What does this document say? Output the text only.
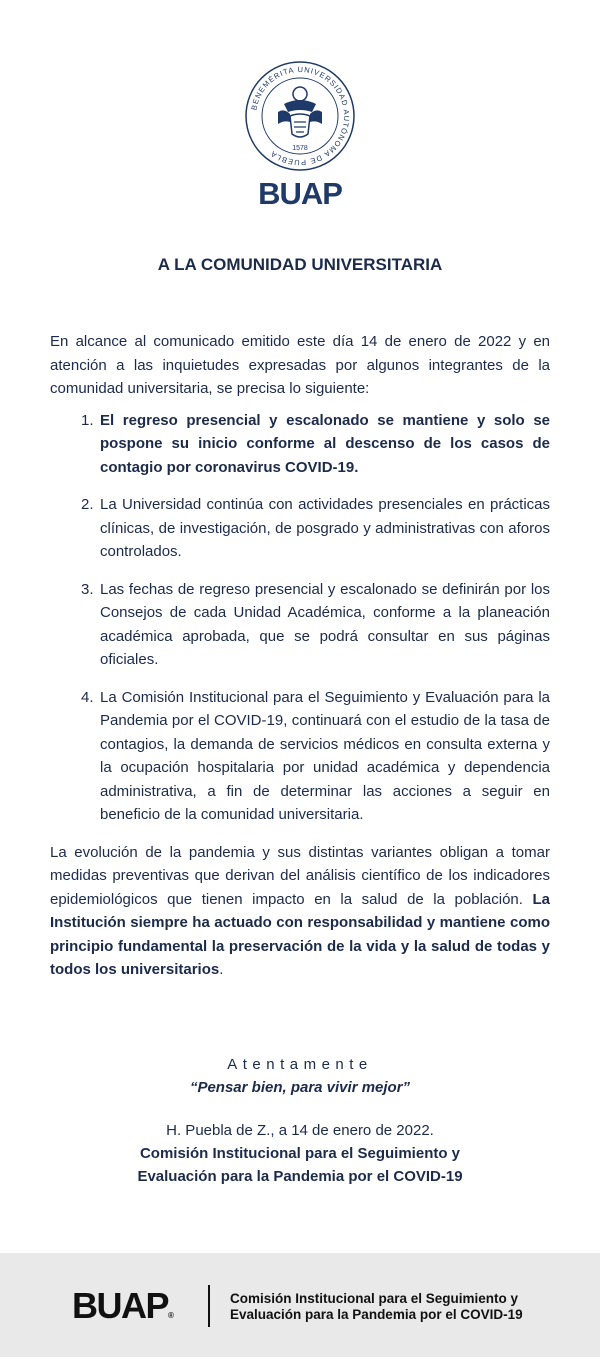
BENEMÉRITA UNIVERSIDAD AUTÓNOMA DE PUEBLA
1578
BUAP
A LA COMUNIDAD UNIVERSITARIA

En alcance al comunicado emitido este día 14 de enero de 2022 y en atención a las inquietudes expresadas por algunos integrantes de la comunidad universitaria, se precisa lo siguiente:

1. El regreso presencial y escalonado se mantiene y solo se pospone su inicio conforme al descenso de los casos de contagio por coronavirus COVID-19.
2. La Universidad continúa con actividades presenciales en prácticas clínicas, de investigación, de posgrado y administrativas con aforos controlados.
3. Las fechas de regreso presencial y escalonado se definirán por los Consejos de cada Unidad Académica, conforme a la planeación académica aprobada, que se podrá consultar en sus páginas oficiales.
4. La Comisión Institucional para el Seguimiento y Evaluación para la Pandemia por el COVID-19, continuará con el estudio de la tasa de contagios, la demanda de servicios médicos en consulta externa y la ocupación hospitalaria por unidad académica y dependencia administrativa, a fin de determinar las acciones a seguir en beneficio de la comunidad universitaria.

La evolución de la pandemia y sus distintas variantes obligan a tomar medidas preventivas que derivan del análisis científico de los indicadores epidemiológicos que tienen impacto en la salud de la población. La Institución siempre ha actuado con responsabilidad y mantiene como principio fundamental la preservación de la vida y la salud de todas y todos los universitarios.

Atentamente
“Pensar bien, para vivir mejor”
H. Puebla de Z., a 14 de enero de 2022.
Comisión Institucional para el Seguimiento y
Evaluación para la Pandemia por el COVID-19
BUAP®
Comisión Institucional para el Seguimiento y
Evaluación para la Pandemia por el COVID-19
